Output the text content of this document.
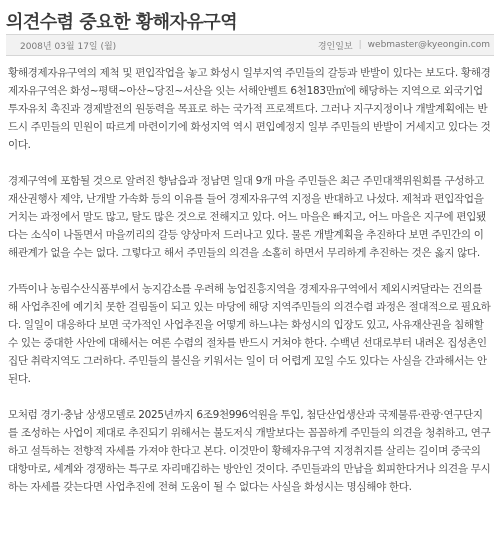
의견수렴 중요한 황해자유구역
2008년 03월 17일 (월)	경인일보 | webmaster@kyeongin.com

황해경제자유구역의 제척 및 편입작업을 놓고 화성시 일부지역 주민들의 갈등과 반발이 있다는 보도다. 황해경제자유구역은 화성~평택~아산~당진~서산을 잇는 서해안벨트 6천183만㎡에 해당하는 지역으로 외국기업 투자유치 촉진과 경제발전의 원동력을 목표로 하는 국가적 프로젝트다. 그러나 지구지정이나 개발계획에는 반드시 주민들의 민원이 따르게 마련이기에 화성지역 역시 편입예정지 일부 주민들의 반발이 거세지고 있다는 것이다.

경제구역에 포함될 것으로 알려진 향남읍과 정남면 일대 9개 마을 주민들은 최근 주민대책위원회를 구성하고 재산권행사 제약, 난개발 가속화 등의 이유를 들어 경제자유구역 지정을 반대하고 나섰다. 제척과 편입작업을 거치는 과정에서 말도 많고, 탈도 많은 것으로 전해지고 있다. 어느 마을은 빠지고, 어느 마을은 지구에 편입됐다는 소식이 나돌면서 마을끼리의 갈등 양상마저 드러나고 있다. 물론 개발계획을 추진하다 보면 주민간의 이해관계가 없을 수는 없다. 그렇다고 해서 주민들의 의견을 소홀히 하면서 무리하게 추진하는 것은 옳지 않다.

가뜩이나 농림수산식품부에서 농지감소를 우려해 농업진흥지역을 경제자유구역에서 제외시켜달라는 건의를 해 사업추진에 예기치 못한 걸림돌이 되고 있는 마당에 해당 지역주민들의 의견수렴 과정은 절대적으로 필요하다. 일일이 대응하다 보면 국가적인 사업추진을 어떻게 하느냐는 화성시의 입장도 있고, 사유재산권을 침해할 수 있는 중대한 사안에 대해서는 여론 수렴의 절차를 반드시 거쳐야 한다. 수백년 선대로부터 내려온 집성촌인 집단 취락지역도 그러하다. 주민들의 불신을 키워서는 일이 더 어렵게 꼬일 수도 있다는 사실을 간과해서는 안 된다.

모처럼 경기·충남 상생모델로 2025년까지 6조9천996억원을 투입, 첨단산업생산과 국제물류·관광·연구단지를 조성하는 사업이 제대로 추진되기 위해서는 불도저식 개발보다는 꼼꼼하게 주민들의 의견을 청취하고, 연구하고 설득하는 전향적 자세를 가져야 한다고 본다. 이것만이 황해자유구역 지정취지를 살리는 길이며 중국의 대항마로, 세계와 경쟁하는 특구로 자리매김하는 방안인 것이다. 주민들과의 만남을 회피한다거나 의견을 무시하는 자세를 갖는다면 사업추진에 전혀 도움이 될 수 없다는 사실을 화성시는 명심해야 한다.
